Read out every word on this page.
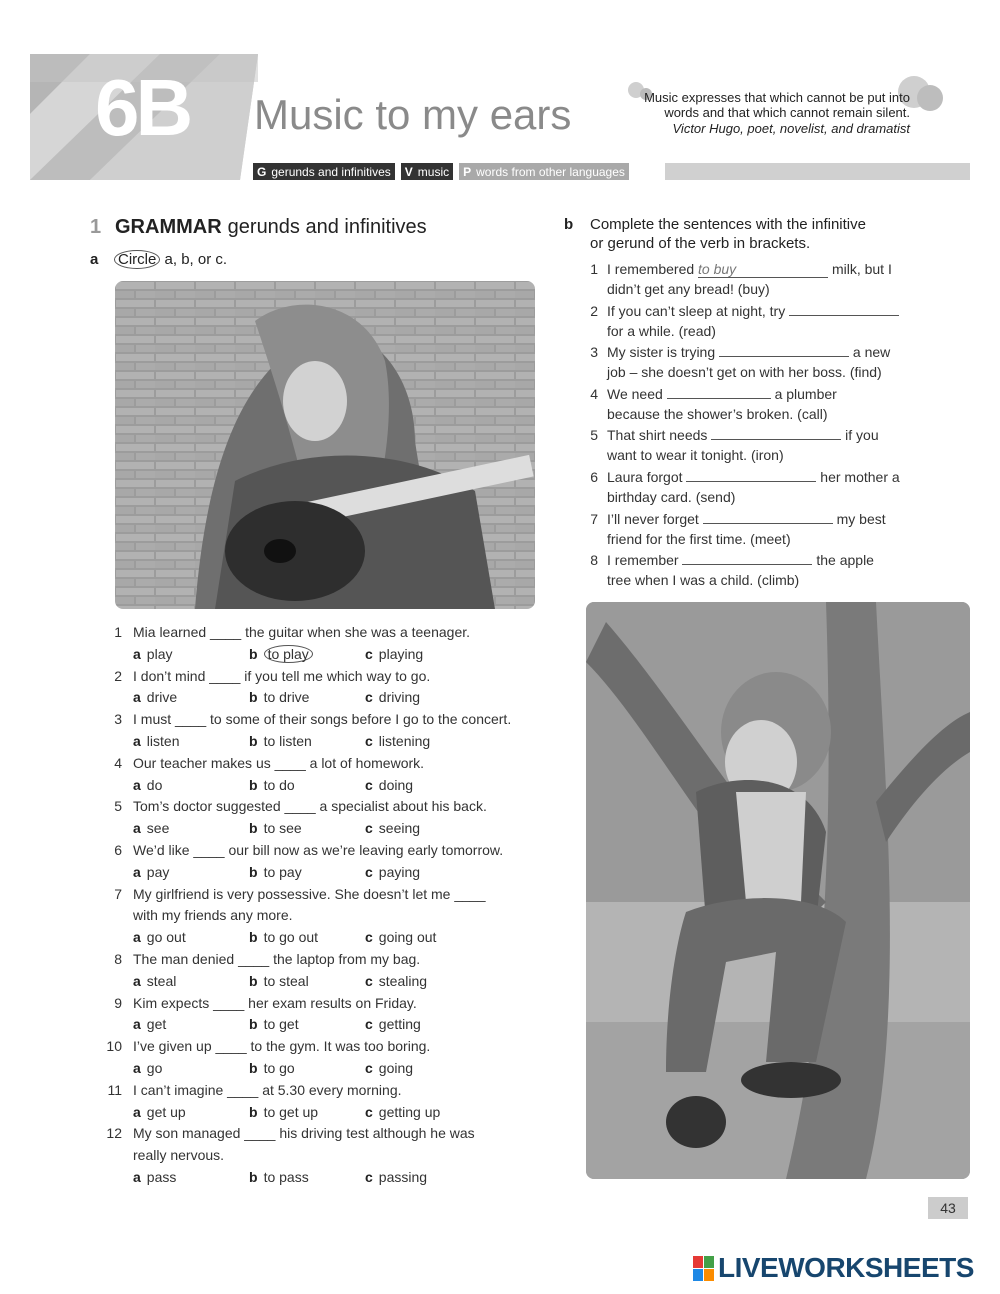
6B Music to my ears	Music expresses that which cannot be put into
words and that which cannot remain silent.
Victor Hugo, poet, novelist, and dramatist
G gerunds and infinitives V music P words from other languages
1 GRAMMAR gerunds and infinitives
a Circle a, b, or c.
1 Mia learned ____ the guitar when she was a teenager.
a play	b to play	c playing
2 I don’t mind ____ if you tell me which way to go.
a drive	b to drive	c driving
3 I must ____ to some of their songs before I go to the concert.
a listen	b to listen	c listening
4 Our teacher makes us ____ a lot of homework.
a do	b to do	c doing
5 Tom’s doctor suggested ____ a specialist about his back.
a see	b to see	c seeing
6 We’d like ____ our bill now as we’re leaving early tomorrow.
a pay	b to pay	c paying
7 My girlfriend is very possessive. She doesn’t let me ____
with my friends any more.
a go out	b to go out	c going out
8 The man denied ____ the laptop from my bag.
a steal	b to steal	c stealing
9 Kim expects ____ her exam results on Friday.
a get	b to get	c getting
10 I’ve given up ____ to the gym. It was too boring.
a go	b to go	c going
11 I can’t imagine ____ at 5.30 every morning.
a get up	b to get up	c getting up
12 My son managed ____ his driving test although he was
really nervous.
a pass	b to pass	c passing
b Complete the sentences with the infinitive
or gerund of the verb in brackets.
1 I remembered to buy	milk, but I
didn’t get any bread! (buy)
2 If you can’t sleep at night, try
for a while. (read)
3 My sister is trying	a new
job – she doesn’t get on with her boss. (find)
4 We need	a plumber
because the shower’s broken. (call)
5 That shirt needs	if you
want to wear it tonight. (iron)
6 Laura forgot	her mother a
birthday card. (send)
7 I’ll never forget	my best
friend for the first time. (meet)
8 I remember	the apple
tree when I was a child. (climb)
43
LIVEWORKSHEETS
